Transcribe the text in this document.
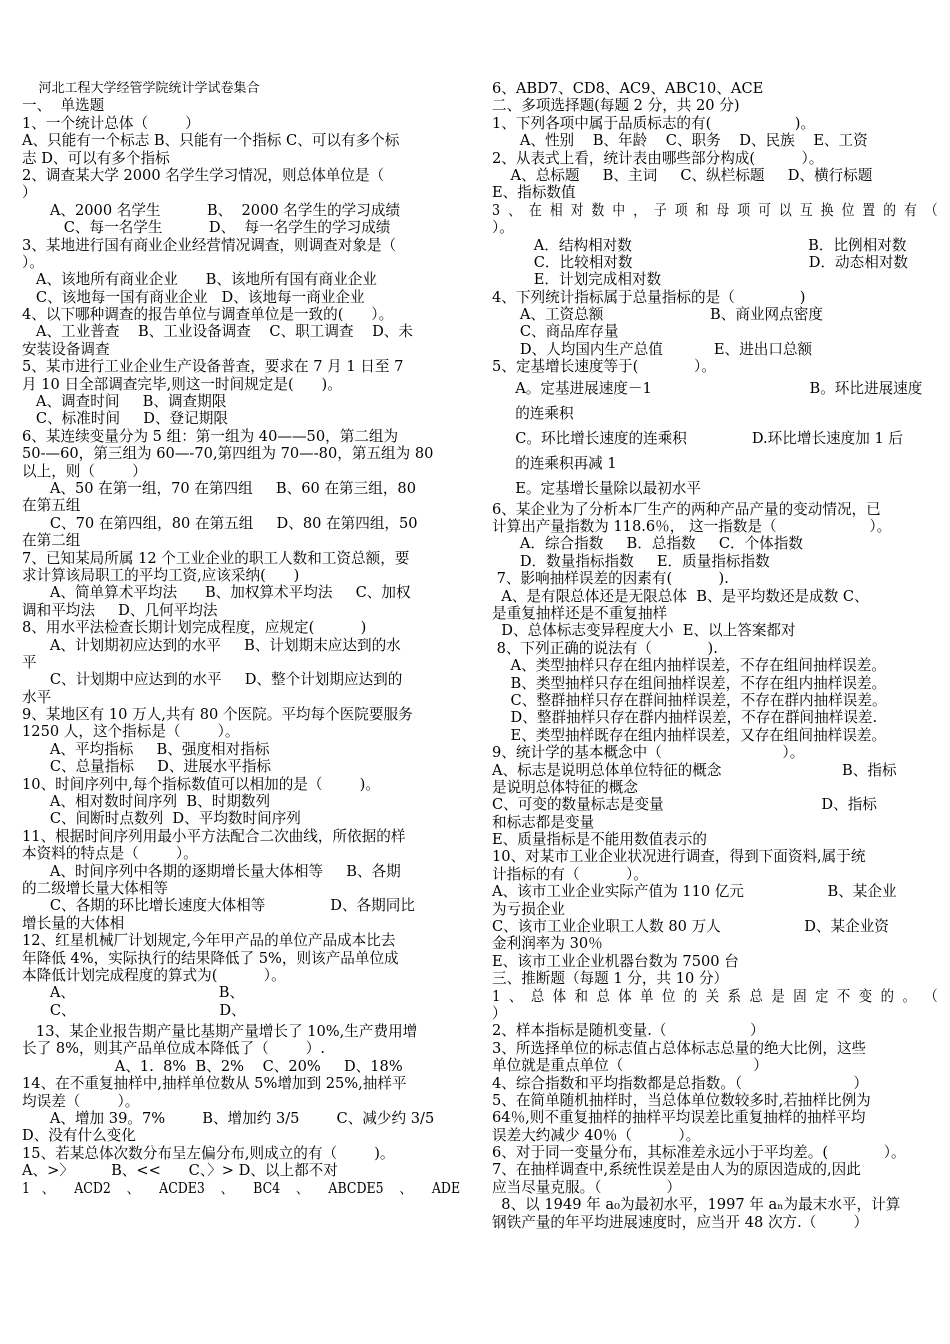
河北工程大学经管学院统计学试卷集合
一、  单选题
1、一个统计总体（        ）
A、只能有一个标志 B、只能有一个指标 C、可以有多个标
志 D、可以有多个指标
2、调查某大学 2000 名学生学习情况，则总体单位是（
）
A、2000 名学生          B、  2000 名学生的学习成绩
C、每一名学生          D、  每一名学生的学习成绩
3、某地进行国有商业企业经营情况调查，则调查对象是（
）。
A、该地所有商业企业      B、该地所有国有商业企业
C、该地每一国有商业企业   D、该地每一商业企业
4、以下哪种调查的报告单位与调查单位是一致的(      ）。
A、工业普查    B、工业设备调查    C、职工调查    D、未
安装设备调查
5、某市进行工业企业生产设备普查，要求在 7 月 1 日至 7
月 10 日全部调查完毕,则这一时间规定是(      )。
A、调查时间     B、调查期限
C、标准时间     D、登记期限
6、某连续变量分为 5 组：第一组为 40——50，第二组为
50-—60，第三组为 60—-70,第四组为 70—-80，第五组为 80
以上，则（        ）
A、50 在第一组，70 在第四组     B、60 在第三组，80
在第五组
C、70 在第四组，80 在第五组     D、80 在第四组，50
在第二组
7、已知某局所属 12 个工业企业的职工人数和工资总额，要
求计算该局职工的平均工资,应该采纳(      )
A、简单算术平均法      B、加权算术平均法     C、加权
调和平均法     D、几何平均法
8、用水平法检查长期计划完成程度，应规定(          )
A、计划期初应达到的水平     B、计划期末应达到的水
平
C、计划期中应达到的水平     D、整个计划期应达到的
水平
9、某地区有 10 万人,共有 80 个医院。平均每个医院要服务
1250 人，这个指标是（        ）。
A、平均指标     B、强度相对指标
C、总量指标     D、进展水平指标
10、时间序列中,每个指标数值可以相加的是（        )。
A、相对数时间序列  B、时期数列
C、间断时点数列  D、平均数时间序列
11、根据时间序列用最小平方法配合二次曲线，所依据的样
本资料的特点是（        ）。
A、时间序列中各期的逐期增长量大体相等     B、各期
的二级增长量大体相等
C、各期的环比增长速度大体相等              D、各期同比
增长量的大体相
12、红星机械厂计划规定,今年甲产品的单位产品成本比去
年降低 4%，实际执行的结果降低了 5%，则该产品单位成
本降低计划完成程度的算式为(          ）。
A、                               B、
C、                               D、
13、某企业报告期产量比基期产量增长了 10%,生产费用增
长了 8%，则其产品单位成本降低了（        ）.
A、1.  8%  B、2%    C、20%     D、18%
14、在不重复抽样中,抽样单位数从 5%增加到 25%,抽样平
均误差（        ）。
A、增加 39。7%        B、增加约 3/5        C、减少约 3/5
D、没有什么变化
15、若某总体次数分布呈左偏分布,则成立的有（        )。
A、>〉        B、<<      C、〉> D、以上都不对
1   、     ACD2    、     ACDE3    、     BC4    、     ABCDE5    、     ADE
6、ABD7、CD8、AC9、ABC10、ACE
二、多项选择题(每题 2 分，共 20 分)
1、下列各项中属于品质标志的有(                  )。
A、性别    B、年龄    C、职务    D、民族    E、工资
2、从表式上看，统计表由哪些部分构成(          ）。
A、总标题     B、主词     C、纵栏标题     D、横行标题
E、指标数值
3  、  在  相  对  数  中  ，  子  项  和  母  项  可  以  互  换  位  置  的  有  （
）。
A．结构相对数                                      B．比例相对数
C．比较相对数                                      D．动态相对数
E．计划完成相对数
4、下列统计指标属于总量指标的是（              )
A、工资总额                       B、商业网点密度
C、商品库存量
D、人均国内生产总值           E、进出口总额
5、定基增长速度等于(            ）。
A。定基进展速度－1                                  B。环比进展速度
的连乘积
C。环比增长速度的连乘积              D.环比增长速度加 1 后
的连乘积再减 1
E。定基增长量除以最初水平
6、某企业为了分析本厂生产的两种产品产量的变动情况，已
计算出产量指数为 118.6％， 这一指数是（                    ）。
A．综合指数     B．总指数     C．个体指数
D．数量指标指数     E．质量指标指数
7、影响抽样误差的因素有(          ).
A、是有限总体还是无限总体  B、是平均数还是成数 C、
是重复抽样还是不重复抽样
D、总体标志变异程度大小  E、以上答案都对
8、下列正确的说法有（            ).
A、类型抽样只存在组内抽样误差，不存在组间抽样误差。
B、类型抽样只存在组间抽样误差，不存在组内抽样误差。
C、整群抽样只存在群间抽样误差，不存在群内抽样误差。
D、整群抽样只存在群内抽样误差，不存在群间抽样误差.
E、类型抽样既存在组内抽样误差，又存在组间抽样误差。
9、统计学的基本概念中（                          ）。
A、标志是说明总体单位特征的概念                          B、指标
是说明总体特征的概念
C、可变的数量标志是变量                                  D、指标
和标志都是变量
E、质量指标是不能用数值表示的
10、对某市工业企业状况进行调查，得到下面资料,属于统
计指标的有（          ）。
A、该市工业企业实际产值为 110 亿元                  B、某企业
为亏损企业
C、该市工业企业职工人数 80 万人                  D、某企业资
金利润率为 30％
E、该市工业企业机器台数为 7500 台
三、推断题（每题 1 分，共 10 分）
1  、  总  体  和  总  体  单  位  的  关  系  总  是  固  定  不  变  的  。  （
）
2、样本指标是随机变量.（                  ）
3、所选择单位的标志值占总体标志总量的绝大比例，这些
单位就是重点单位（                            ）
4、综合指数和平均指数都是总指数。（                        ）
5、在简单随机抽样时，当总体单位数较多时,若抽样比例为
64％,则不重复抽样的抽样平均误差比重复抽样的抽样平均
误差大约减少 40％（          ）。
6、对于同一变量分布，其标准差永远小于平均差。(            ）。
7、在抽样调查中,系统性误差是由人为的原因造成的,因此
应当尽量克服。（              ）
8、以 1949 年 a₀为最初水平，1997 年 aₙ为最末水平，计算
钢铁产量的年平均进展速度时，应当开 48 次方.（        ）
